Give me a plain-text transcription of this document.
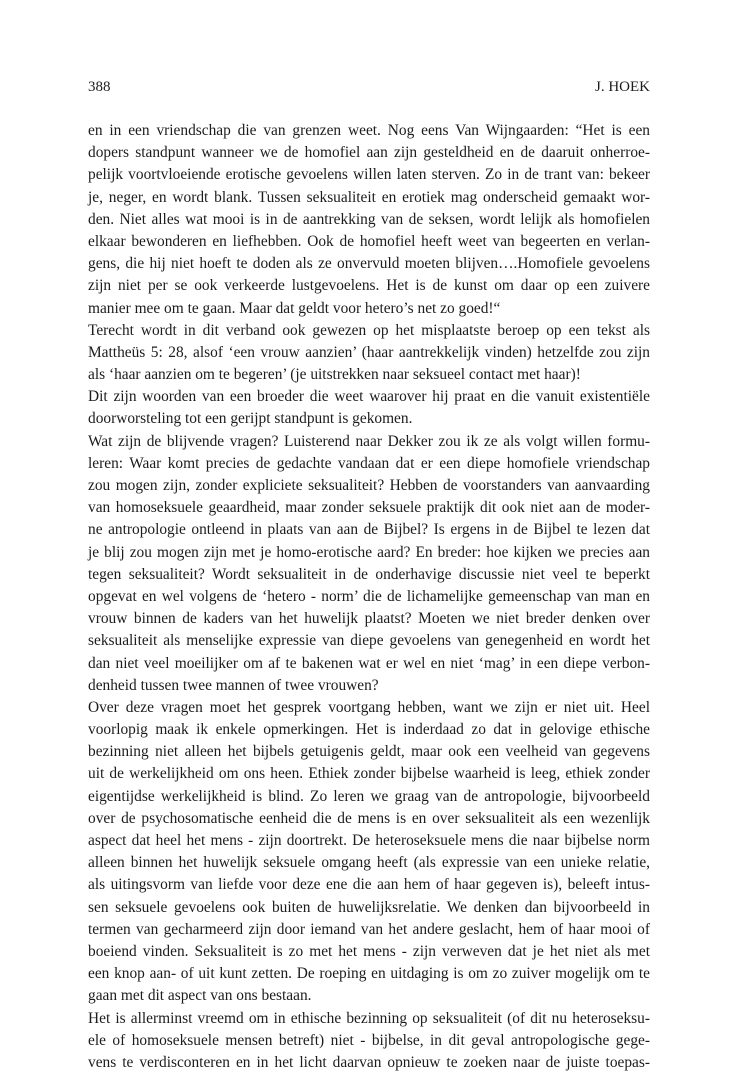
388	J. HOEK
en in een vriendschap die van grenzen weet. Nog eens Van Wijngaarden: “Het is een
dopers standpunt wanneer we de homofiel aan zijn gesteldheid en de daaruit onherroe-
pelijk voortvloeiende erotische gevoelens willen laten sterven. Zo in de trant van: bekeer
je, neger, en wordt blank. Tussen seksualiteit en erotiek mag onderscheid gemaakt wor-
den. Niet alles wat mooi is in de aantrekking van de seksen, wordt lelijk als homofielen
elkaar bewonderen en liefhebben. Ook de homofiel heeft weet van begeerten en verlan-
gens, die hij niet hoeft te doden als ze onvervuld moeten blijven….Homofiele gevoelens
zijn niet per se ook verkeerde lustgevoelens. Het is de kunst om daar op een zuivere
manier mee om te gaan. Maar dat geldt voor hetero’s net zo goed!“
Terecht wordt in dit verband ook gewezen op het misplaatste beroep op een tekst als
Mattheüs 5: 28, alsof ‘een vrouw aanzien’ (haar aantrekkelijk vinden) hetzelfde zou zijn
als ‘haar aanzien om te begeren’ (je uitstrekken naar seksueel contact met haar)!
Dit zijn woorden van een broeder die weet waarover hij praat en die vanuit existentiële
doorworsteling tot een gerijpt standpunt is gekomen.
Wat zijn de blijvende vragen? Luisterend naar Dekker zou ik ze als volgt willen formu-
leren: Waar komt precies de gedachte vandaan dat er een diepe homofiele vriendschap
zou mogen zijn, zonder expliciete seksualiteit? Hebben de voorstanders van aanvaarding
van homoseksuele geaardheid, maar zonder seksuele praktijk dit ook niet aan de moder-
ne antropologie ontleend in plaats van aan de Bijbel? Is ergens in de Bijbel te lezen dat
je blij zou mogen zijn met je homo-erotische aard? En breder: hoe kijken we precies aan
tegen seksualiteit? Wordt seksualiteit in de onderhavige discussie niet veel te beperkt
opgevat en wel volgens de ‘hetero - norm’ die de lichamelijke gemeenschap van man en
vrouw binnen de kaders van het huwelijk plaatst? Moeten we niet breder denken over
seksualiteit als menselijke expressie van diepe gevoelens van genegenheid en wordt het
dan niet veel moeilijker om af te bakenen wat er wel en niet ‘mag’ in een diepe verbon-
denheid tussen twee mannen of twee vrouwen?
Over deze vragen moet het gesprek voortgang hebben, want we zijn er niet uit. Heel
voorlopig maak ik enkele opmerkingen. Het is inderdaad zo dat in gelovige ethische
bezinning niet alleen het bijbels getuigenis geldt, maar ook een veelheid van gegevens
uit de werkelijkheid om ons heen. Ethiek zonder bijbelse waarheid is leeg, ethiek zonder
eigentijdse werkelijkheid is blind. Zo leren we graag van de antropologie, bijvoorbeeld
over de psychosomatische eenheid die de mens is en over seksualiteit als een wezenlijk
aspect dat heel het mens - zijn doortrekt. De heteroseksuele mens die naar bijbelse norm
alleen binnen het huwelijk seksuele omgang heeft (als expressie van een unieke relatie,
als uitingsvorm van liefde voor deze ene die aan hem of haar gegeven is), beleeft intus-
sen seksuele gevoelens ook buiten de huwelijksrelatie. We denken dan bijvoorbeeld in
termen van gecharmeerd zijn door iemand van het andere geslacht, hem of haar mooi of
boeiend vinden. Seksualiteit is zo met het mens - zijn verweven dat je het niet als met
een knop aan- of uit kunt zetten. De roeping en uitdaging is om zo zuiver mogelijk om te
gaan met dit aspect van ons bestaan.
Het is allerminst vreemd om in ethische bezinning op seksualiteit (of dit nu heteroseksu-
ele of homoseksuele mensen betreft) niet - bijbelse, in dit geval antropologische gege-
vens te verdisconteren en in het licht daarvan opnieuw te zoeken naar de juiste toepas-
